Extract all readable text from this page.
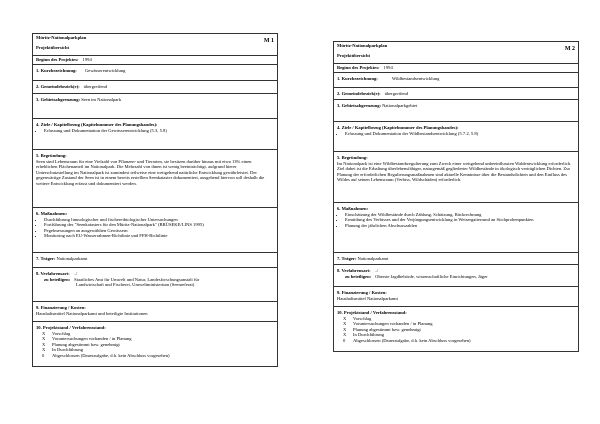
Müritz-Nationalparkplan
Projektübersicht
M 1
Beginn des Projektes: 1994
1. Kurzbezeichnung: Gewässerentwicklung
2. Gemeindebezirk(e): übergreifend
3. Gebietsabgrenzung: Seen im Nationalpark
4. Ziele / Kapitelbezug (Kapitelnummer des Planungsbandes):
• Erfassung und Dokumentation der Gewässerentwicklung (5.3, 5.8)
5. Begründung:
Seen sind Lebensraum für eine Vielzahl von Pflanzen- und Tierarten, sie besitzen darüber hinaus mit etwa 13% einen erheblichen Flächenanteil im Nationalpark. Die Mehrzahl von ihnen ist wenig beeinträchtigt, aufgrund hierer Unterschutzstellung im Nationalpark ist zumindest teilweise eine weitgehend natürliche Entwicklung gewährleistet. Der gegenwärtige Zustand der Seen ist in einem bereits erstellten Seenkataster dokumentiert, ausgehend hiervon soll deshalb die weitere Entwicklung erfasst und dokumentiert werden.
6. Maßnahmen:
• Durchführung limnologischer und fischereibiologischer Untersuchungen
• Fortführung des "Seenkatasters für den Müritz-Nationalpark" (BRÜSEKE/LINS 1995)
• Pegelmessungen an ausgewählten Gewässern
• Monitoring nach EU-Wasserrahmen-Richtlinie und FFH-Richtlinie
7. Träger: Nationalparkamt
8. Verfahrensart: ../
zu beteiligen: Staatliches Amt für Umwelt und Natur, Landesforschungsanstalt für
Landwirtschaft und Fischerei, Umweltministerium (Seenreferat)
9. Finanzierung / Kosten:
Haushaltsmittel Nationalparkamt und beteiligte Institutionen
10. Projektstand / Verfahrensstand:
X	Vorschlag
X	Voruntersuchungen vorhanden / in Planung
X	Planung abgestimmt bzw. genehmigt
X	In Durchführung
0	Abgeschlossen (Daueraufgabe, d.h. kein Abschluss vorgesehen)
Müritz-Nationalparkplan
Projektübersicht
M 2
Beginn des Projektes: 1994
1. Kurzbezeichnung:	Wildbestandsentwicklung
2. Gemeindebezirk(e): übergreifend
3. Gebietsabgrenzung: Nationalparkgebiet
4. Ziele / Kapitelbezug (Kapitelnummer des Planungsbandes):
• Erfassung und Dokumentation der Wildbestandsentwicklung (5.7.2, 5.8)
5. Begründung:
Im Nationalpark ist eine Wildbestandsregulierung zum Zweck einer weitgehend unbeeinflussten Waldentwicklung erforderlich. Ziel dabei ist die Erhaltung überlebensfähiger, naturgemäß gegliederter Wildbestände in ökologisch verträglichen Dichten. Zur Planung der erforderlichen Regulierungsmaßnahmen sind aktuelle Kenntnisse über die Bestandsdichten und den Einfluss des Wildes auf seinen Lebensraum (Verbiss, Wildschäden) erforderlich.
6. Maßnahmen:
• Einschätzung der Wildbestände durch Zählung, Schätzung, Rückrechnung
• Ermittlung des Verbisses und der Verjüngungsentwicklung in Weisergatterrund an Stichprobenpunkten
• Planung der jährlichen Abschusszahlen
7. Träger: Nationalparkamt
8. Verfahrensart: ../
zu beteiligen: Oberste Jagdbehörde, wissenschaftliche Einrichtungen, Jäger
9. Finanzierung / Kosten:
Haushaltsmittel Nationalparkamt
10. Projektstand / Verfahrensstand:
X	Vorschlag
X	Voruntersuchungen vorhanden / in Planung
X	Planung abgestimmt bzw. genehmigt
X	In Durchführung
0	Abgeschlossen (Daueraufgabe, d.h. kein Abschluss vorgesehen)
